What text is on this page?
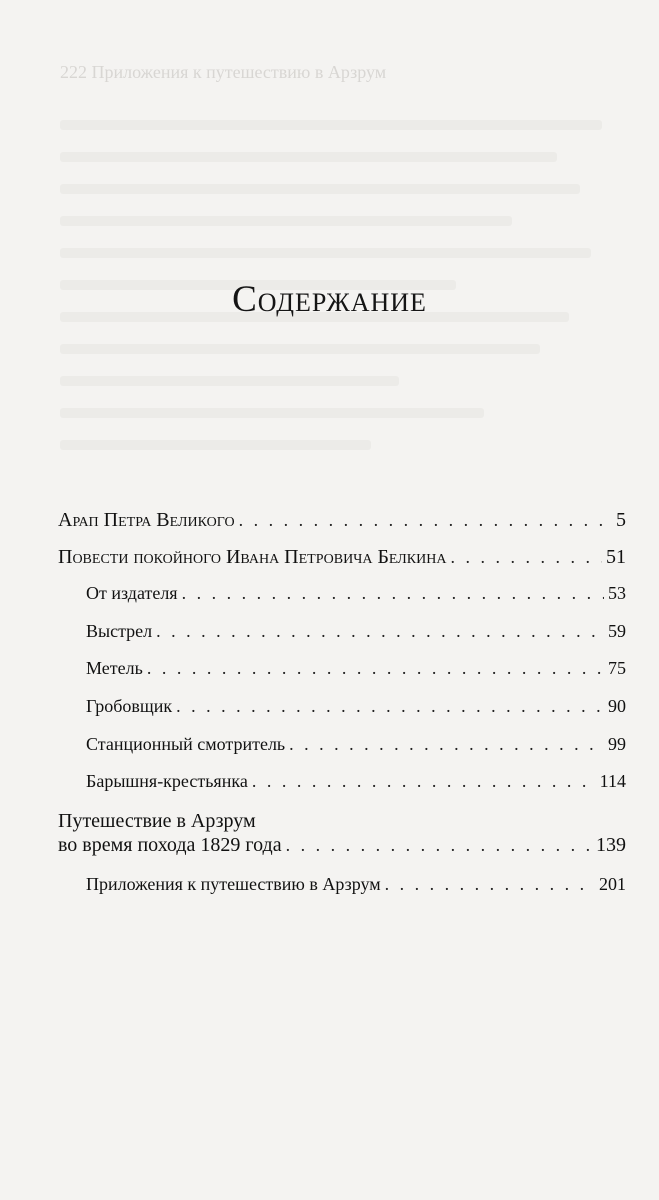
222 Приложения к путешествию в Арзрум
Содержание
Арап Петра Великого . . .	5
Повести покойного Ивана Петровича Белкина . . .	51
От издателя . . .	53
Выстрел . . .	59
Метель . . .	75
Гробовщик . . .	90
Станционный смотритель . . .	99
Барышня-крестьянка . . .	114
Путешествие в Арзрум
во время похода 1829 года . . .	139
Приложения к путешествию в Арзрум . . .	201
